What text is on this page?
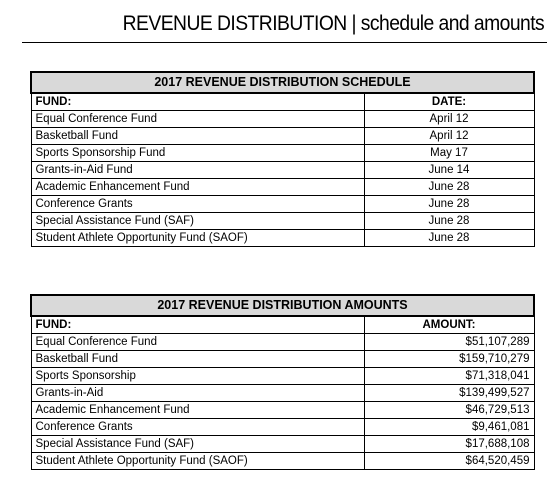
REVENUE DISTRIBUTION | schedule and amounts
2017 REVENUE DISTRIBUTION SCHEDULE	
FUND:	DATE:
Equal Conference Fund	April 12
Basketball Fund	April 12
Sports Sponsorship Fund	May 17
Grants-in-Aid Fund	June 14
Academic Enhancement Fund	June 28
Conference Grants	June 28
Special Assistance Fund (SAF)	June 28
Student Athlete Opportunity Fund (SAOF)	June 28
2017 REVENUE DISTRIBUTION AMOUNTS	
FUND:	AMOUNT:
Equal Conference Fund	$51,107,289
Basketball Fund	$159,710,279
Sports Sponsorship	$71,318,041
Grants-in-Aid	$139,499,527
Academic Enhancement Fund	$46,729,513
Conference Grants	$9,461,081
Special Assistance Fund (SAF)	$17,688,108
Student Athlete Opportunity Fund (SAOF)	$64,520,459
